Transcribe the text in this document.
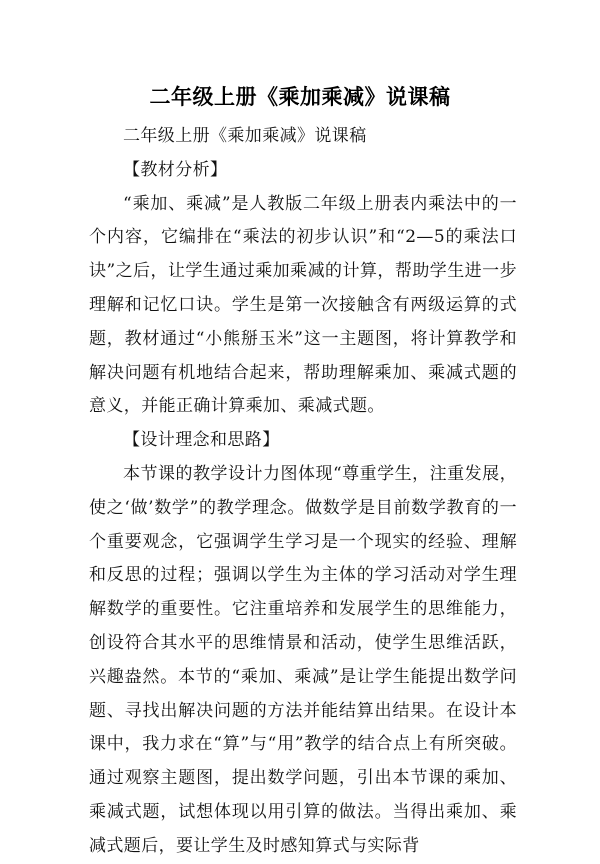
二年级上册《乘加乘减》说课稿

二年级上册《乘加乘减》说课稿

【教材分析】

“乘加、乘减”是人教版二年级上册表内乘法中的一个内容，它编排在“乘法的初步认识”和“2—5的乘法口诀”之后，让学生通过乘加乘减的计算，帮助学生进一步理解和记忆口诀。学生是第一次接触含有两级运算的式题，教材通过“小熊掰玉米”这一主题图，将计算教学和解决问题有机地结合起来，帮助理解乘加、乘减式题的意义，并能正确计算乘加、乘减式题。

【设计理念和思路】

本节课的教学设计力图体现“尊重学生，注重发展，使之‘做’数学”的教学理念。做数学是目前数学教育的一个重要观念，它强调学生学习是一个现实的经验、理解和反思的过程；强调以学生为主体的学习活动对学生理解数学的重要性。它注重培养和发展学生的思维能力，创设符合其水平的思维情景和活动，使学生思维活跃，兴趣盎然。本节的“乘加、乘减”是让学生能提出数学问题、寻找出解决问题的方法并能结算出结果。在设计本课中，我力求在“算”与“用”教学的结合点上有所突破。通过观察主题图，提出数学问题，引出本节课的乘加、乘减式题，试想体现以用引算的做法。当得出乘加、乘减式题后，要让学生及时感知算式与实际背
